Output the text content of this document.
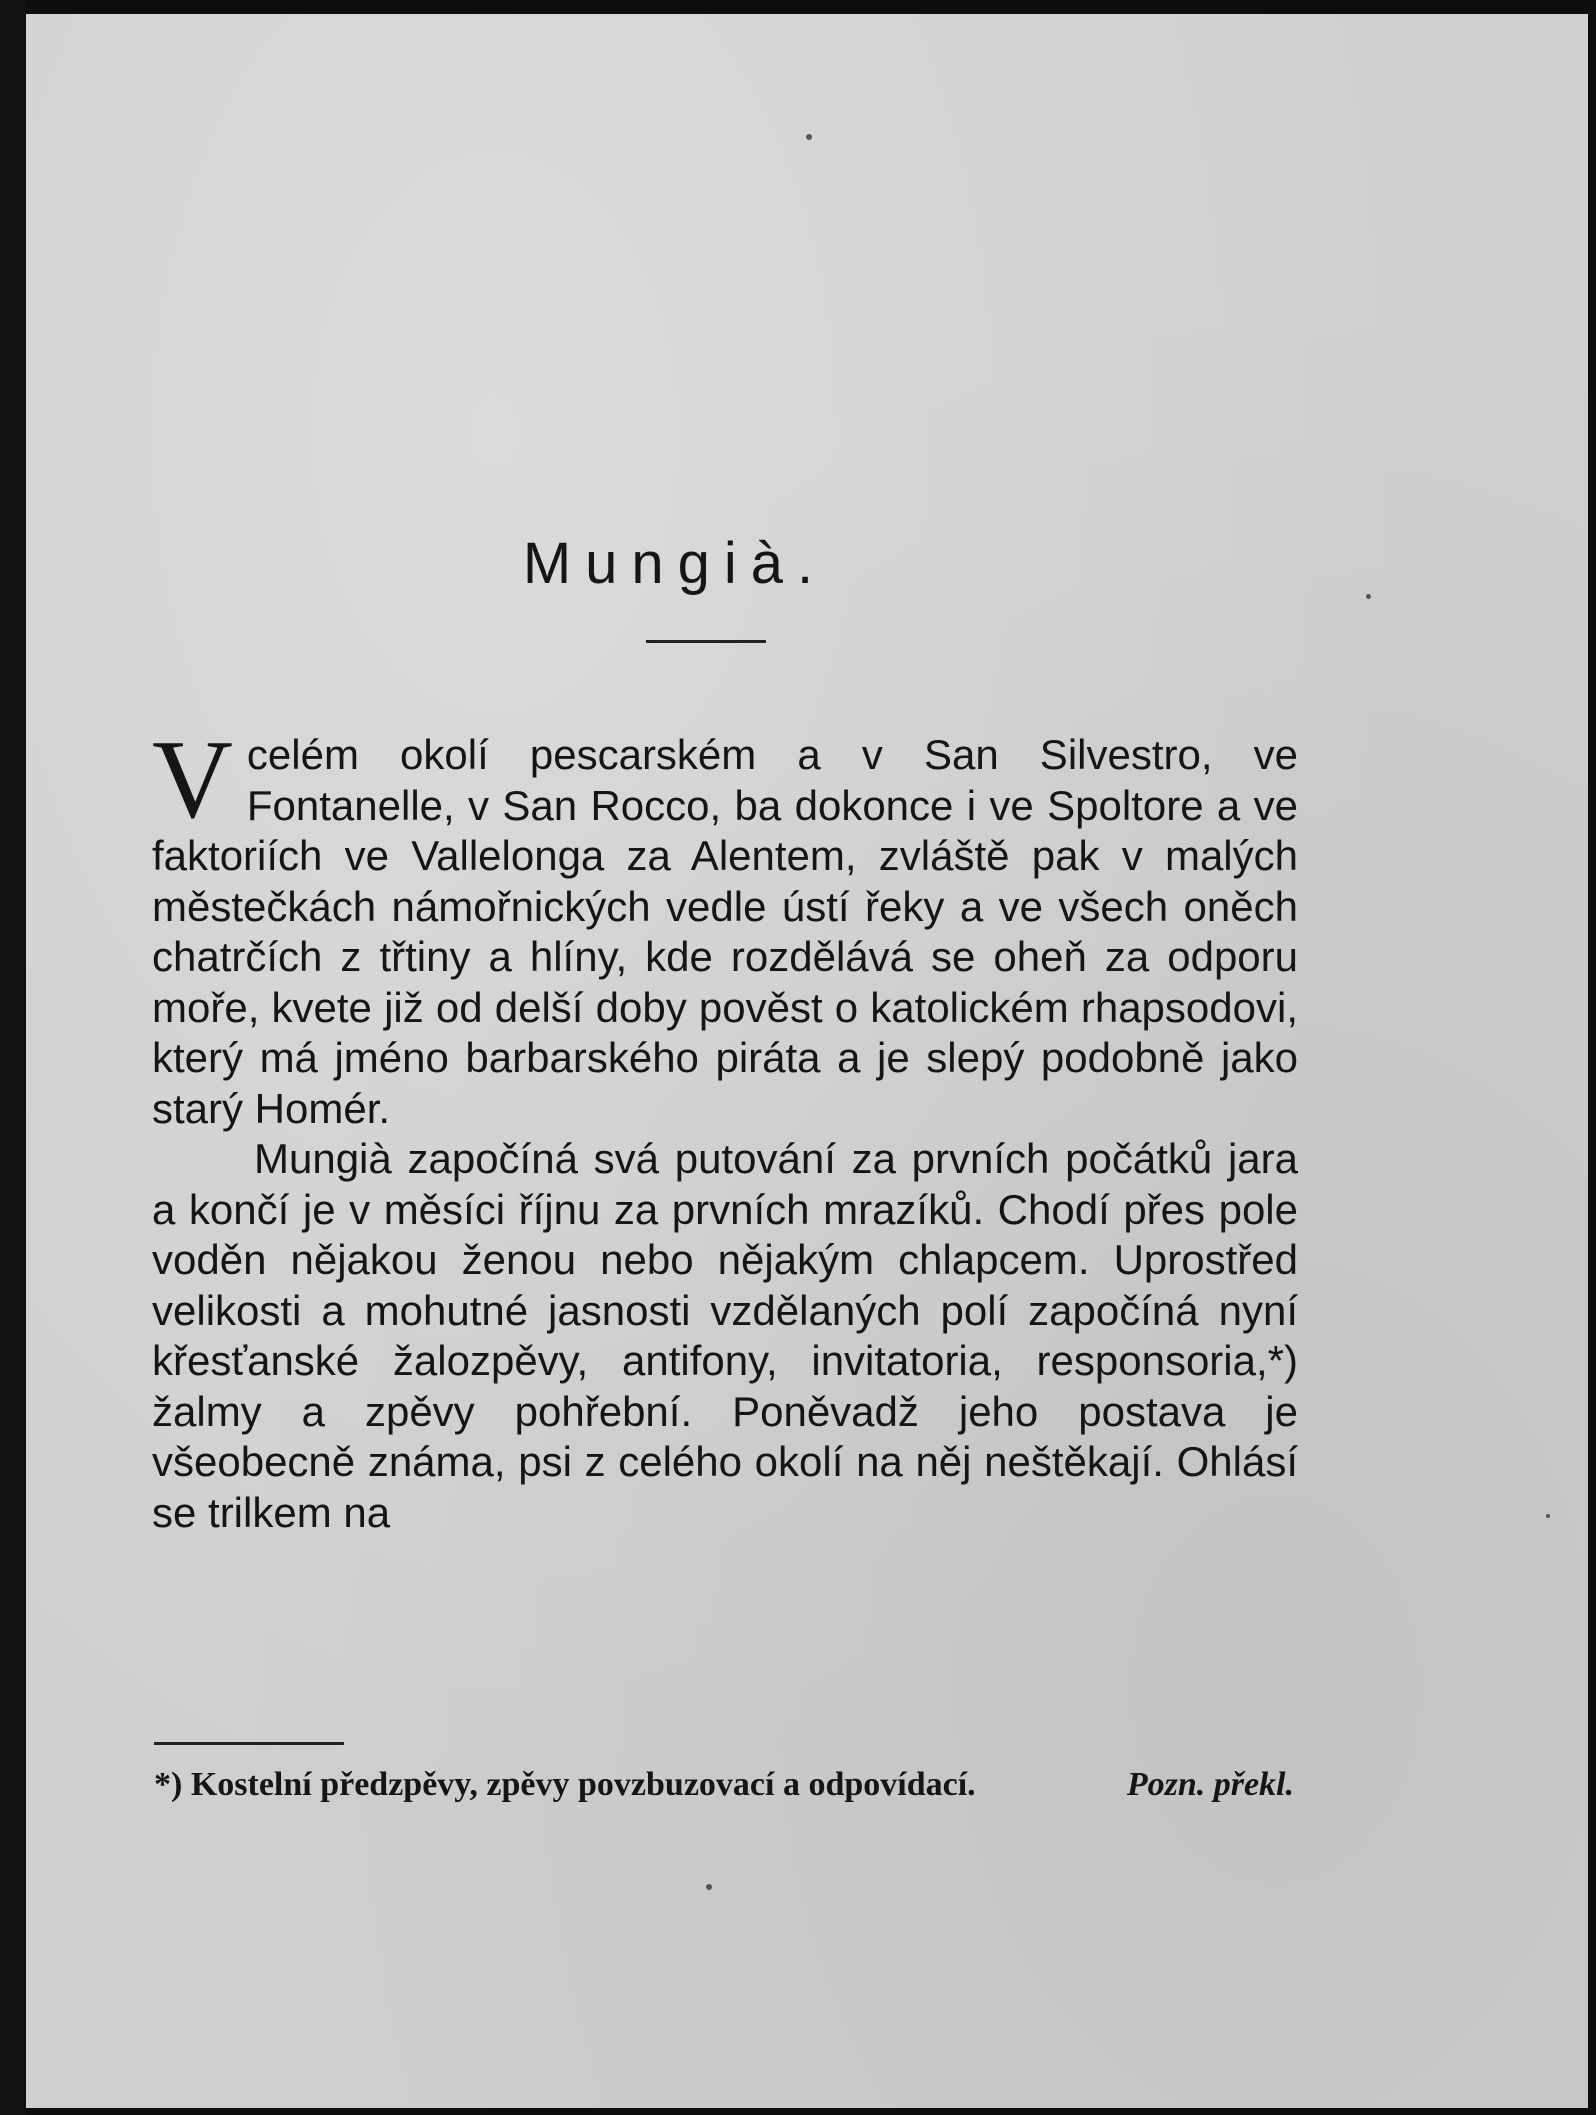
Mungià.

Vcelém okolí pescarském a v San Silvestro, ve Fontanelle, v San Rocco, ba dokonce i ve Spoltore a ve faktoriích ve Vallelonga za Alentem, zvláště pak v malých městečkách námořnických vedle ústí řeky a ve všech oněch chatrčích z třtiny a hlíny, kde rozdělává se oheň za odporu moře, kvete již od delší doby pověst o katolickém rhapsodovi, který má jméno barbarského piráta a je slepý podobně jako starý Homér.

Mungià započíná svá putování za prvních počátků jara a končí je v měsíci říjnu za prvních mrazíků. Chodí přes pole voděn nějakou ženou nebo nějakým chlapcem. Uprostřed velikosti a mohutné jasnosti vzdělaných polí započíná nyní křesťanské žalozpěvy, antifony, invitatoria, responsoria,*) žalmy a zpěvy pohřební. Poněvadž jeho postava je všeobecně známa, psi z celého okolí na něj neštěkají. Ohlásí se trilkem na

*) Kostelní předzpěvy, zpěvy povzbuzovací a odpovídací.	Pozn. překl.
